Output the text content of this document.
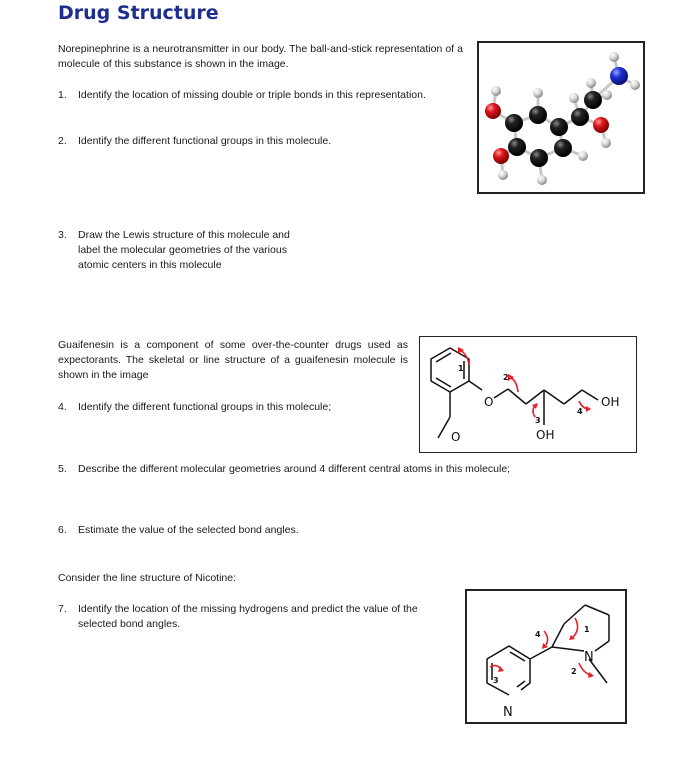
Drug Structure
Norepinephrine is a neurotransmitter in our body. The ball-and-stick representation of a molecule of this substance is shown in the image.
1. Identify the location of missing double or triple bonds in this representation.
2. Identify the different functional groups in this molecule.
3. Draw the Lewis structure of this molecule and label the molecular geometries of the various atomic centers in this molecule
Guaifenesin is a component of some over-the-counter drugs used as expectorants. The skeletal or line structure of a guaifenesin molecule is shown in the image
4. Identify the different functional groups in this molecule;	O
O
OH
OH
1
2
3
4
5. Describe the different molecular geometries around 4 different central atoms in this molecule;
6. Estimate the value of the selected bond angles.
Consider the line structure of Nicotine:
7. Identify the location of the missing hydrogens and predict the value of the selected bond angles.
N
N
3
4
1
2
